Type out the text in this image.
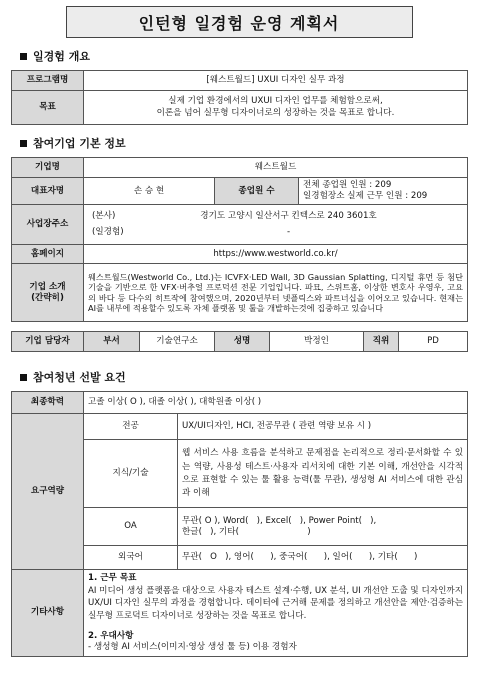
인턴형 일경험 운영 계획서
일경험 개요
프로그램명	[웨스트월드] UXUI 디자인 실무 과정
목표	실제 기업 환경에서의 UXUI 디자인 업무를 체험함으로써,
이론을 넘어 실무형 디자이너로의 성장하는 것을 목표로 합니다.
참여기업 기본 정보
기업명	웨스트월드		
대표자명	손 승 현	종업원 수	전체 종업원 인원 : 209
일경험장소 실제 근무 인원 : 209

사업장주소	(본사) 경기도 고양시 일산서구 킨텍스로 240 3601호
(일경험) -		

홈페이지	https://www.westworld.co.kr/		

기업 소개
(간략히)	웨스트월드(Westworld Co., Ltd.)는 ICVFX·LED Wall, 3D Gaussian Splatting, 디지털 휴먼 등 첨단 기술을 기반으로 한 VFX·버추얼 프로덕션 전문 기업입니다. 파묘, 스위트홈, 이상한 변호사 우영우, 고요의 바다 등 다수의 히트작에 참여했으며, 2020년부터 넷플릭스와 파트너십을 이어오고 있습니다. 현재는 AI를 내부에 적용할수 있도록 자체 플랫폼 및 툴을 개발하는것에 집중하고 있습니다		
기업 담당자	부서	기술연구소	성명	박정인	직위	PD
참여청년 선발 요건
최종학력	고졸 이상( O ), 대졸 이상( ), 대학원졸 이상( )	
요구역량	전공	UX/UI디자인, HCI, 전공무관 ( 관련 역량 보유 시 )
	지식/기술	웹 서비스 사용 흐름을 분석하고 문제점을 논리적으로 정리·문서화할 수 있는 역량, 사용성 테스트·사용자 리서치에 대한 기본 이해, 개선안을 시각적으로 표현할 수 있는 툴 활용 능력(툴 무관), 생성형 AI 서비스에 대한 관심과 이해
	OA	무관( O ), Word(   ), Excel(   ), Power Point(   ),
한글(   ), 기타(                         )

	외국어	무관(   O   ), 영어(      ), 중국어(      ), 일어(      ), 기타(      )
기타사항	1. 근무 목표
AI 미디어 생성 플랫폼을 대상으로 사용자 테스트 설계·수행, UX 분석, UI 개선안 도출 및 디자인까지 UX/UI 디자인 실무의 과정을 경험합니다. 데이터에 근거해 문제를 정의하고 개선안을 제안·검증하는 실무형 프로덕트 디자이너로 성장하는 것을 목표로 합니다.
2. 우대사항
- 생성형 AI 서비스(이미지·영상 생성 툴 등) 이용 경험자	
